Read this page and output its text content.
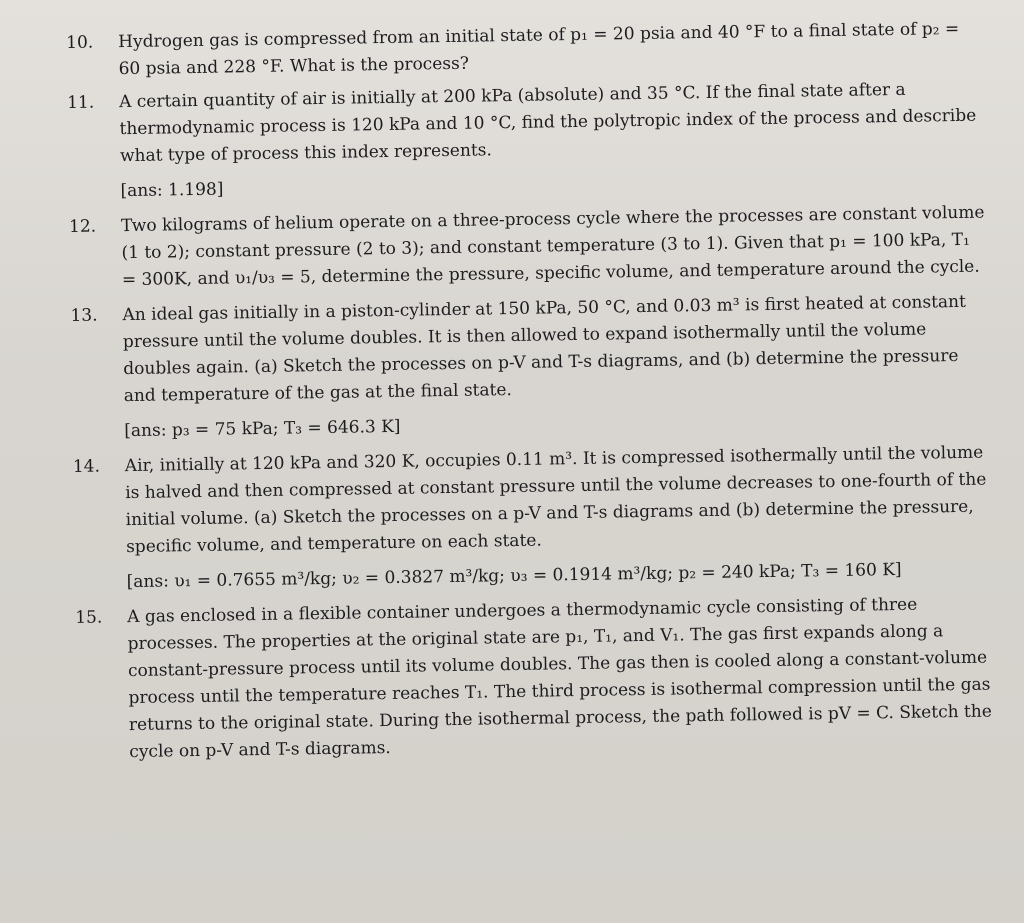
10.	Hydrogen gas is compressed from an initial state of p₁ = 20 psia and 40 °F to a final state of p₂ = 60 psia and 228 °F. What is the process?
11.	A certain quantity of air is initially at 200 kPa (absolute) and 35 °C. If the final state after a thermodynamic process is 120 kPa and 10 °C, find the polytropic index of the process and describe what type of process this index represents.
[ans: 1.198]
12.	Two kilograms of helium operate on a three-process cycle where the processes are constant volume (1 to 2); constant pressure (2 to 3); and constant temperature (3 to 1). Given that p₁ = 100 kPa, T₁ = 300K, and υ₁/υ₃ = 5, determine the pressure, specific volume, and temperature around the cycle.
13.	An ideal gas initially in a piston-cylinder at 150 kPa, 50 °C, and 0.03 m³ is first heated at constant pressure until the volume doubles. It is then allowed to expand isothermally until the volume doubles again. (a) Sketch the processes on p-V and T-s diagrams, and (b) determine the pressure and temperature of the gas at the final state.
[ans: p₃ = 75 kPa; T₃ = 646.3 K]
14.	Air, initially at 120 kPa and 320 K, occupies 0.11 m³. It is compressed isothermally until the volume is halved and then compressed at constant pressure until the volume decreases to one-fourth of the initial volume. (a) Sketch the processes on a p-V and T-s diagrams and (b) determine the pressure, specific volume, and temperature on each state.
[ans: υ₁ = 0.7655 m³/kg; υ₂ = 0.3827 m³/kg; υ₃ = 0.1914 m³/kg; p₂ = 240 kPa; T₃ = 160 K]
15.	A gas enclosed in a flexible container undergoes a thermodynamic cycle consisting of three processes. The properties at the original state are p₁, T₁, and V₁. The gas first expands along a constant-pressure process until its volume doubles. The gas then is cooled along a constant-volume process until the temperature reaches T₁. The third process is isothermal compression until the gas returns to the original state. During the isothermal process, the path followed is pV = C. Sketch the cycle on p-V and T-s diagrams.
